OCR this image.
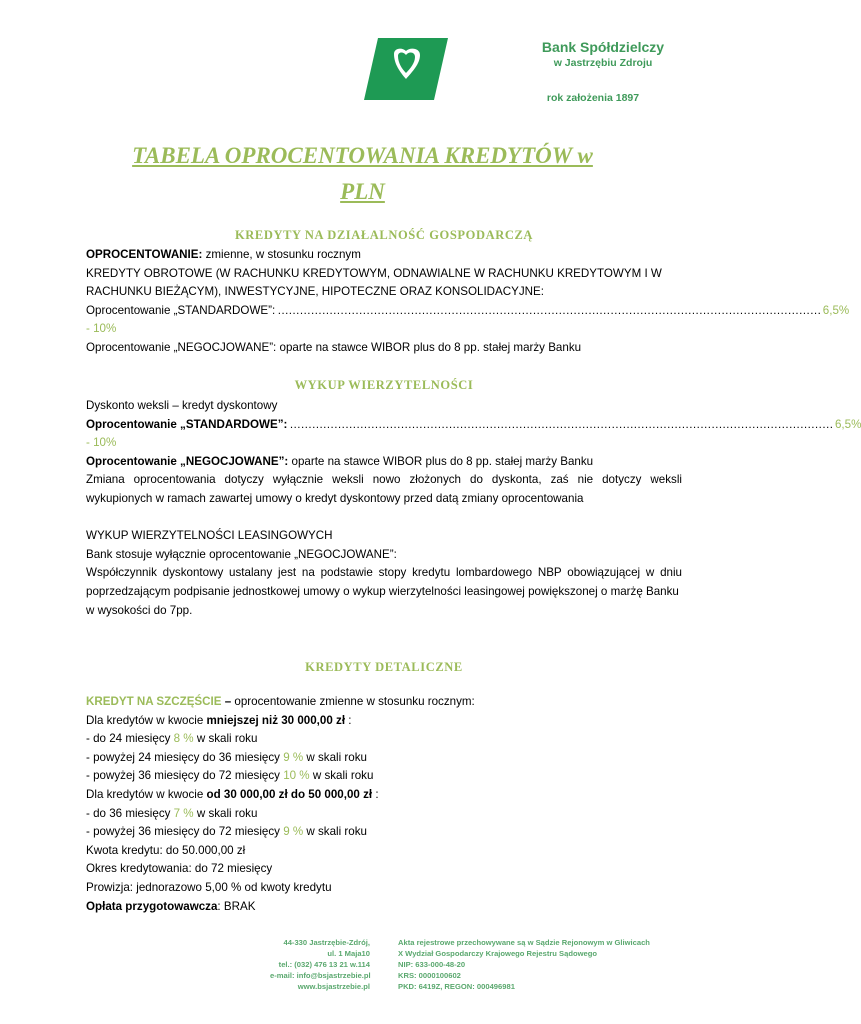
Bank Spółdzielczy
w Jastrzębiu Zdroju
rok założenia 1897
TABELA OPROCENTOWANIA KREDYTÓW w
PLN
KREDYTY NA DZIAŁALNOŚĆ GOSPODARCZĄ

OPROCENTOWANIE: zmienne, w stosunku rocznym

KREDYTY OBROTOWE (W RACHUNKU KREDYTOWYM, ODNAWIALNE W RACHUNKU KREDYTOWYM I W

RACHUNKU BIEŻĄCYM), INWESTYCYJNE, HIPOTECZNE ORAZ KONSOLIDACYJNE:

Oprocentowanie „STANDARDOWE”: ………………………………………………………………………………………………………………………………… 6,5%

- 10%

Oprocentowanie „NEGOCJOWANE”: oparte na stawce WIBOR plus do 8 pp. stałej marży Banku

WYKUP WIERZYTELNOŚCI

Dyskonto weksli – kredyt dyskontowy

Oprocentowanie „STANDARDOWE”: ………………………………………………………………………………………………………………………………… 6,5%

- 10%

Oprocentowanie „NEGOCJOWANE”: oparte na stawce WIBOR plus do 8 pp. stałej marży Banku

Zmiana oprocentowania dotyczy wyłącznie weksli nowo złożonych do dyskonta, zaś nie dotyczy weksli wykupionych w ramach zawartej umowy o kredyt dyskontowy przed datą zmiany oprocentowania

WYKUP WIERZYTELNOŚCI LEASINGOWYCH

Bank stosuje wyłącznie oprocentowanie „NEGOCJOWANE”:

Współczynnik dyskontowy ustalany jest na podstawie stopy kredytu lombardowego NBP obowiązującej w dniu poprzedzającym podpisanie jednostkowej umowy o wykup wierzytelności leasingowej powiększonej o marżę Banku

w wysokości do 7pp.

KREDYTY DETALICZNE

KREDYT NA SZCZĘŚCIE – oprocentowanie zmienne w stosunku rocznym:

Dla kredytów w kwocie mniejszej niż 30 000,00 zł :

- do 24 miesięcy 8 % w skali roku

- powyżej 24 miesięcy do 36 miesięcy 9 % w skali roku

- powyżej 36 miesięcy do 72 miesięcy 10 % w skali roku

Dla kredytów w kwocie od 30 000,00 zł do 50 000,00 zł :

- do 36 miesięcy 7 % w skali roku

- powyżej 36 miesięcy do 72 miesięcy 9 % w skali roku

Kwota kredytu: do 50.000,00 zł

Okres kredytowania: do 72 miesięcy

Prowizja: jednorazowo 5,00 % od kwoty kredytu

Opłata przygotowawcza: BRAK

44-330 Jastrzębie-Zdrój,
ul. 1 Maja10
tel.: (032) 476 13 21 w.114
e-mail: info@bsjastrzebie.pl
www.bsjastrzebie.pl
Akta rejestrowe przechowywane są w Sądzie Rejonowym w Gliwicach
X Wydział Gospodarczy Krajowego Rejestru Sądowego
NIP: 633-000-48-20
KRS: 0000100602
PKD: 6419Z, REGON: 000496981
